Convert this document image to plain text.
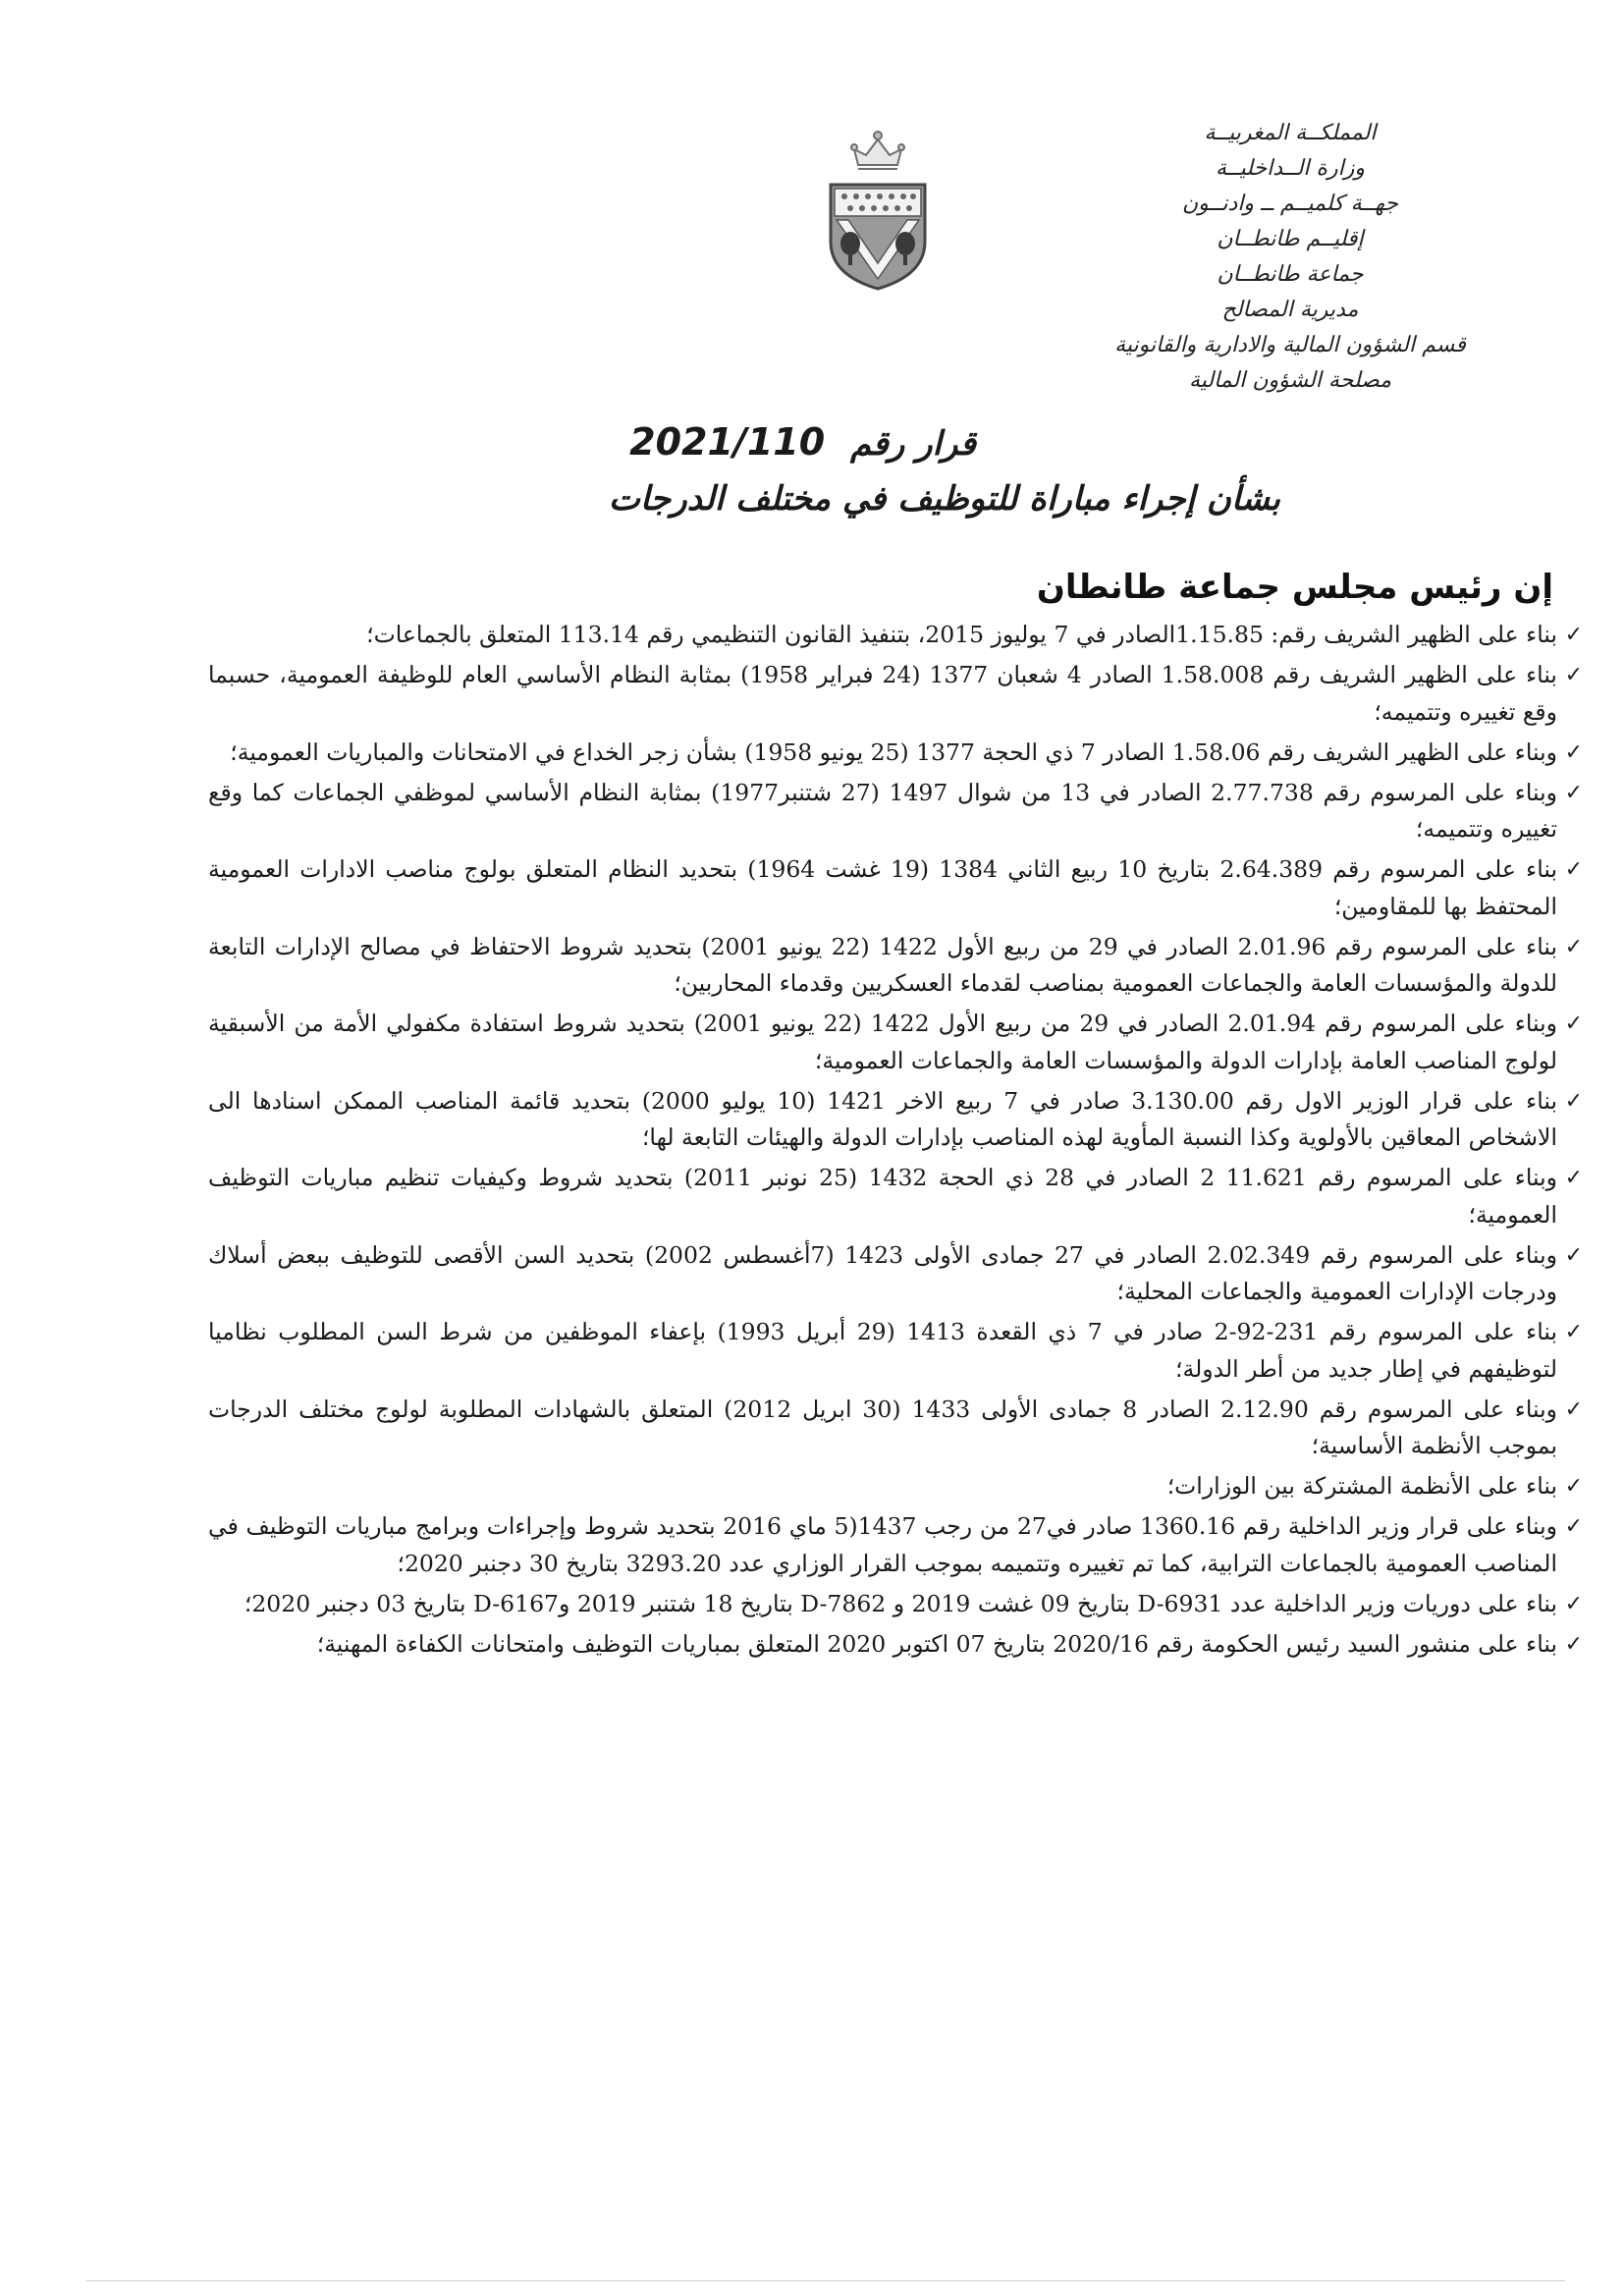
المملكــة المغربيــة
وزارة الــداخليــة
جهــة كلميــم ــ وادنــون
إقليــم طانطــان
جماعة طانطــان
مديرية المصالح
قسم الشؤون المالية والادارية والقانونية
مصلحة الشؤون المالية
قرار رقم 2021/110
بشأن إجراء مباراة للتوظيف في مختلف الدرجات
إن رئيس مجلس جماعة طانطان
✓
بناء على الظهير الشريف رقم: 1.15.85الصادر في 7 يوليوز 2015، بتنفيذ القانون التنظيمي رقم 113.14 المتعلق بالجماعات؛
✓
بناء على الظهير الشريف رقم 1.58.008 الصادر 4 شعبان 1377 (24 فبراير 1958) بمثابة النظام الأساسي العام للوظيفة العمومية، حسبما وقع تغييره وتتميمه؛
✓
وبناء على الظهير الشريف رقم 1.58.06 الصادر 7 ذي الحجة 1377 (25 يونيو 1958) بشأن زجر الخداع في الامتحانات والمباريات العمومية؛
✓
وبناء على المرسوم رقم 2.77.738 الصادر في 13 من شوال 1497 (27 شتنبر1977) بمثابة النظام الأساسي لموظفي الجماعات كما وقع تغييره وتتميمه؛
✓
بناء على المرسوم رقم 2.64.389 بتاريخ 10 ربيع الثاني 1384 (19 غشت 1964) بتحديد النظام المتعلق بولوج مناصب الادارات العمومية المحتفظ بها للمقاومين؛
✓
بناء على المرسوم رقم 2.01.96 الصادر في 29 من ربيع الأول 1422 (22 يونيو 2001) بتحديد شروط الاحتفاظ في مصالح الإدارات التابعة للدولة والمؤسسات العامة والجماعات العمومية بمناصب لقدماء العسكريين وقدماء المحاربين؛
✓
وبناء على المرسوم رقم 2.01.94 الصادر في 29 من ربيع الأول 1422 (22 يونيو 2001) بتحديد شروط استفادة مكفولي الأمة من الأسبقية لولوج المناصب العامة بإدارات الدولة والمؤسسات العامة والجماعات العمومية؛
✓
بناء على قرار الوزير الاول رقم 3.130.00 صادر في 7 ربيع الاخر 1421 (10 يوليو 2000) بتحديد قائمة المناصب الممكن اسنادها الى الاشخاص المعاقين بالأولوية وكذا النسبة المأوية لهذه المناصب بإدارات الدولة والهيئات التابعة لها؛
✓
وبناء على المرسوم رقم 11.621 2 الصادر في 28 ذي الحجة 1432 (25 نونبر 2011) بتحديد شروط وكيفيات تنظيم مباريات التوظيف العمومية؛
✓
وبناء على المرسوم رقم 2.02.349 الصادر في 27 جمادى الأولى 1423 (7أغسطس 2002) بتحديد السن الأقصى للتوظيف ببعض أسلاك ودرجات الإدارات العمومية والجماعات المحلية؛
✓
بناء على المرسوم رقم 231-92-2 صادر في 7 ذي القعدة 1413 (29 أبريل 1993) بإعفاء الموظفين من شرط السن المطلوب نظاميا لتوظيفهم في إطار جديد من أطر الدولة؛
✓
وبناء على المرسوم رقم 2.12.90 الصادر 8 جمادى الأولى 1433 (30 ابريل 2012) المتعلق بالشهادات المطلوبة لولوج مختلف الدرجات بموجب الأنظمة الأساسية؛
✓
بناء على الأنظمة المشتركة بين الوزارات؛
✓
وبناء على قرار وزير الداخلية رقم 1360.16 صادر في27 من رجب 1437(5 ماي 2016 بتحديد شروط وإجراءات وبرامج مباريات التوظيف في المناصب العمومية بالجماعات الترابية، كما تم تغييره وتتميمه بموجب القرار الوزاري عدد 3293.20 بتاريخ 30 دجنبر 2020؛
✓
بناء على دوريات وزير الداخلية عدد D-6931 بتاريخ 09 غشت 2019 و D-7862 بتاريخ 18 شتنبر 2019 وD-6167 بتاريخ 03 دجنبر 2020؛
✓
بناء على منشور السيد رئيس الحكومة رقم 2020/16 بتاريخ 07 اكتوبر 2020 المتعلق بمباريات التوظيف وامتحانات الكفاءة المهنية؛
